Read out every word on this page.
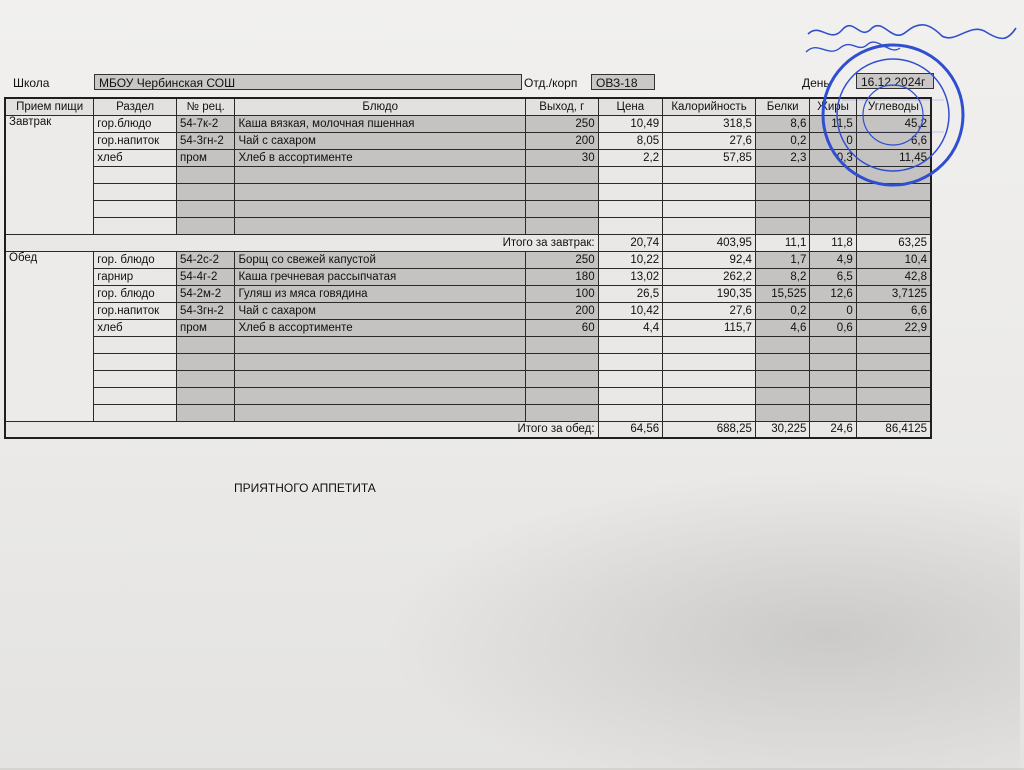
Школа	МБОУ Чербинская СОШ	Отд./корп	ОВЗ-18	День	16.12.2024г
Прием пищи	Раздел	№ рец.	Блюдо	Выход, г	Цена	Калорийность	Белки	Жиры	Углеводы
Завтрак	гор.блюдо	54-7к-2	Каша вязкая, молочная пшенная	250	10,49	318,5	8,6	11,5	45,2
	гор.напиток	54-3гн-2	Чай с сахаром	200	8,05	27,6	0,2	0	6,6
	хлеб	пром	Хлеб в ассортименте	30	2,2	57,85	2,3	0,3	11,45

Итого за завтрак:					20,74	403,95	11,1	11,8	63,25
Обед	гор. блюдо	54-2с-2	Борщ со свежей капустой	250	10,22	92,4	1,7	4,9	10,4
	гарнир	54-4г-2	Каша гречневая рассыпчатая	180	13,02	262,2	8,2	6,5	42,8
	гор. блюдо	54-2м-2	Гуляш из мяса говядина	100	26,5	190,35	15,525	12,6	3,7125
	гор.напиток	54-3гн-2	Чай с сахаром	200	10,42	27,6	0,2	0	6,6
	хлеб	пром	Хлеб в ассортименте	60	4,4	115,7	4,6	0,6	22,9

Итого за обед:					64,56	688,25	30,225	24,6	86,4125
ПРИЯТНОГО АППЕТИТА
